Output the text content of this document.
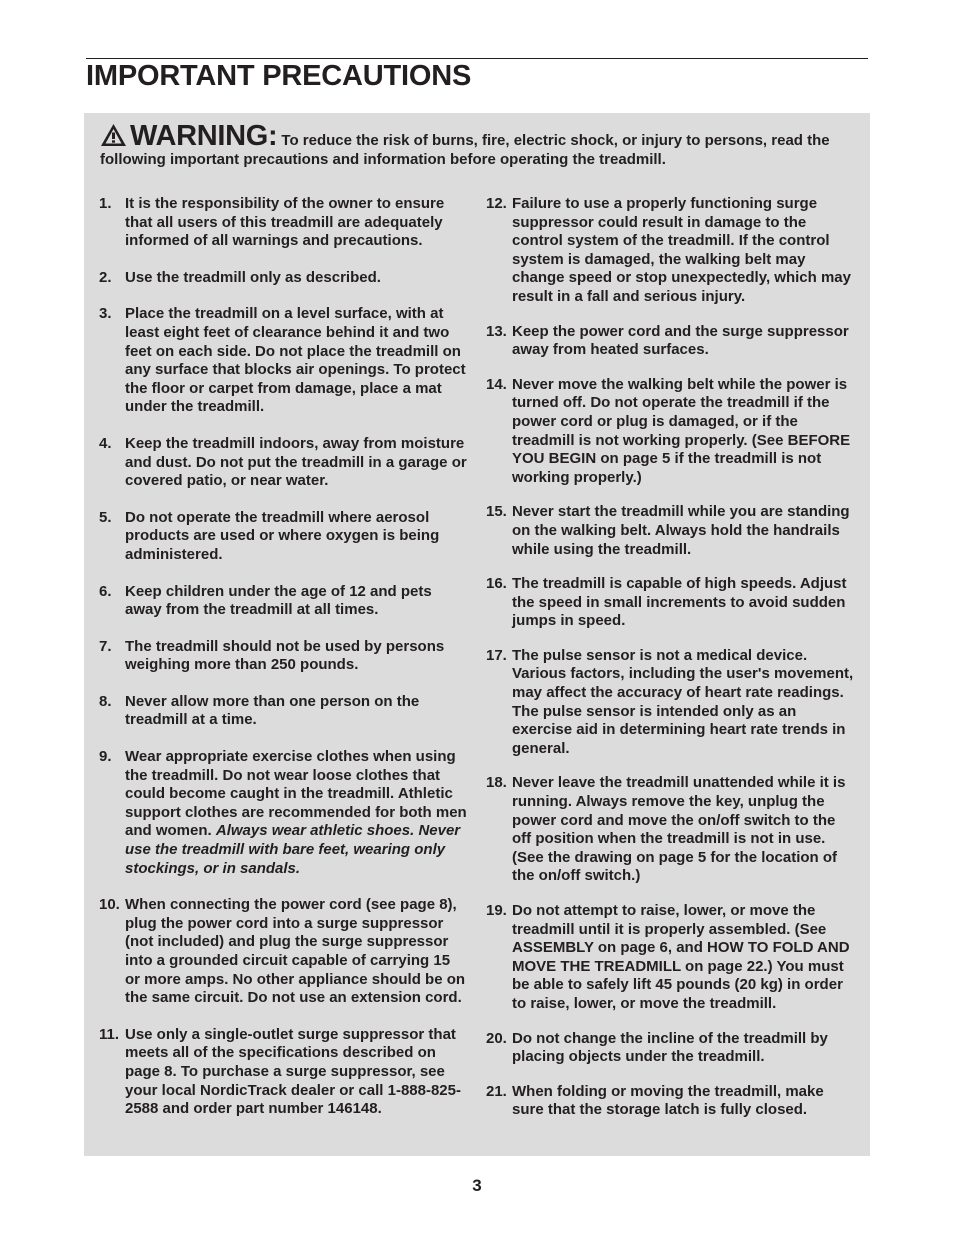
IMPORTANT PRECAUTIONS
WARNING: To reduce the risk of burns, fire, electric shock, or injury to persons, read the following important precautions and information before operating the treadmill.
1. It is the responsibility of the owner to ensure that all users of this treadmill are adequately informed of all warnings and precautions.
2. Use the treadmill only as described.
3. Place the treadmill on a level surface, with at least eight feet of clearance behind it and two feet on each side. Do not place the treadmill on any surface that blocks air openings. To protect the floor or carpet from damage, place a mat under the treadmill.
4. Keep the treadmill indoors, away from moisture and dust. Do not put the treadmill in a garage or covered patio, or near water.
5. Do not operate the treadmill where aerosol products are used or where oxygen is being administered.
6. Keep children under the age of 12 and pets away from the treadmill at all times.
7. The treadmill should not be used by persons weighing more than 250 pounds.
8. Never allow more than one person on the treadmill at a time.
9. Wear appropriate exercise clothes when using the treadmill. Do not wear loose clothes that could become caught in the treadmill. Athletic support clothes are recommended for both men and women. Always wear athletic shoes. Never use the treadmill with bare feet, wearing only stockings, or in sandals.
10. When connecting the power cord (see page 8), plug the power cord into a surge suppressor (not included) and plug the surge suppressor into a grounded circuit capable of carrying 15 or more amps. No other appliance should be on the same circuit. Do not use an extension cord.
11. Use only a single-outlet surge suppressor that meets all of the specifications described on page 8. To purchase a surge suppressor, see your local NordicTrack dealer or call 1-888-825-2588 and order part number 146148.
12. Failure to use a properly functioning surge suppressor could result in damage to the control system of the treadmill. If the control system is damaged, the walking belt may change speed or stop unexpectedly, which may result in a fall and serious injury.
13. Keep the power cord and the surge suppressor away from heated surfaces.
14. Never move the walking belt while the power is turned off. Do not operate the treadmill if the power cord or plug is damaged, or if the treadmill is not working properly. (See BEFORE YOU BEGIN on page 5 if the treadmill is not working properly.)
15. Never start the treadmill while you are standing on the walking belt. Always hold the handrails while using the treadmill.
16. The treadmill is capable of high speeds. Adjust the speed in small increments to avoid sudden jumps in speed.
17. The pulse sensor is not a medical device. Various factors, including the user's movement, may affect the accuracy of heart rate readings. The pulse sensor is intended only as an exercise aid in determining heart rate trends in general.
18. Never leave the treadmill unattended while it is running. Always remove the key, unplug the power cord and move the on/off switch to the off position when the treadmill is not in use. (See the drawing on page 5 for the location of the on/off switch.)
19. Do not attempt to raise, lower, or move the treadmill until it is properly assembled. (See ASSEMBLY on page 6, and HOW TO FOLD AND MOVE THE TREADMILL on page 22.) You must be able to safely lift 45 pounds (20 kg) in order to raise, lower, or move the treadmill.
20. Do not change the incline of the treadmill by placing objects under the treadmill.
21. When folding or moving the treadmill, make sure that the storage latch is fully closed.
3
